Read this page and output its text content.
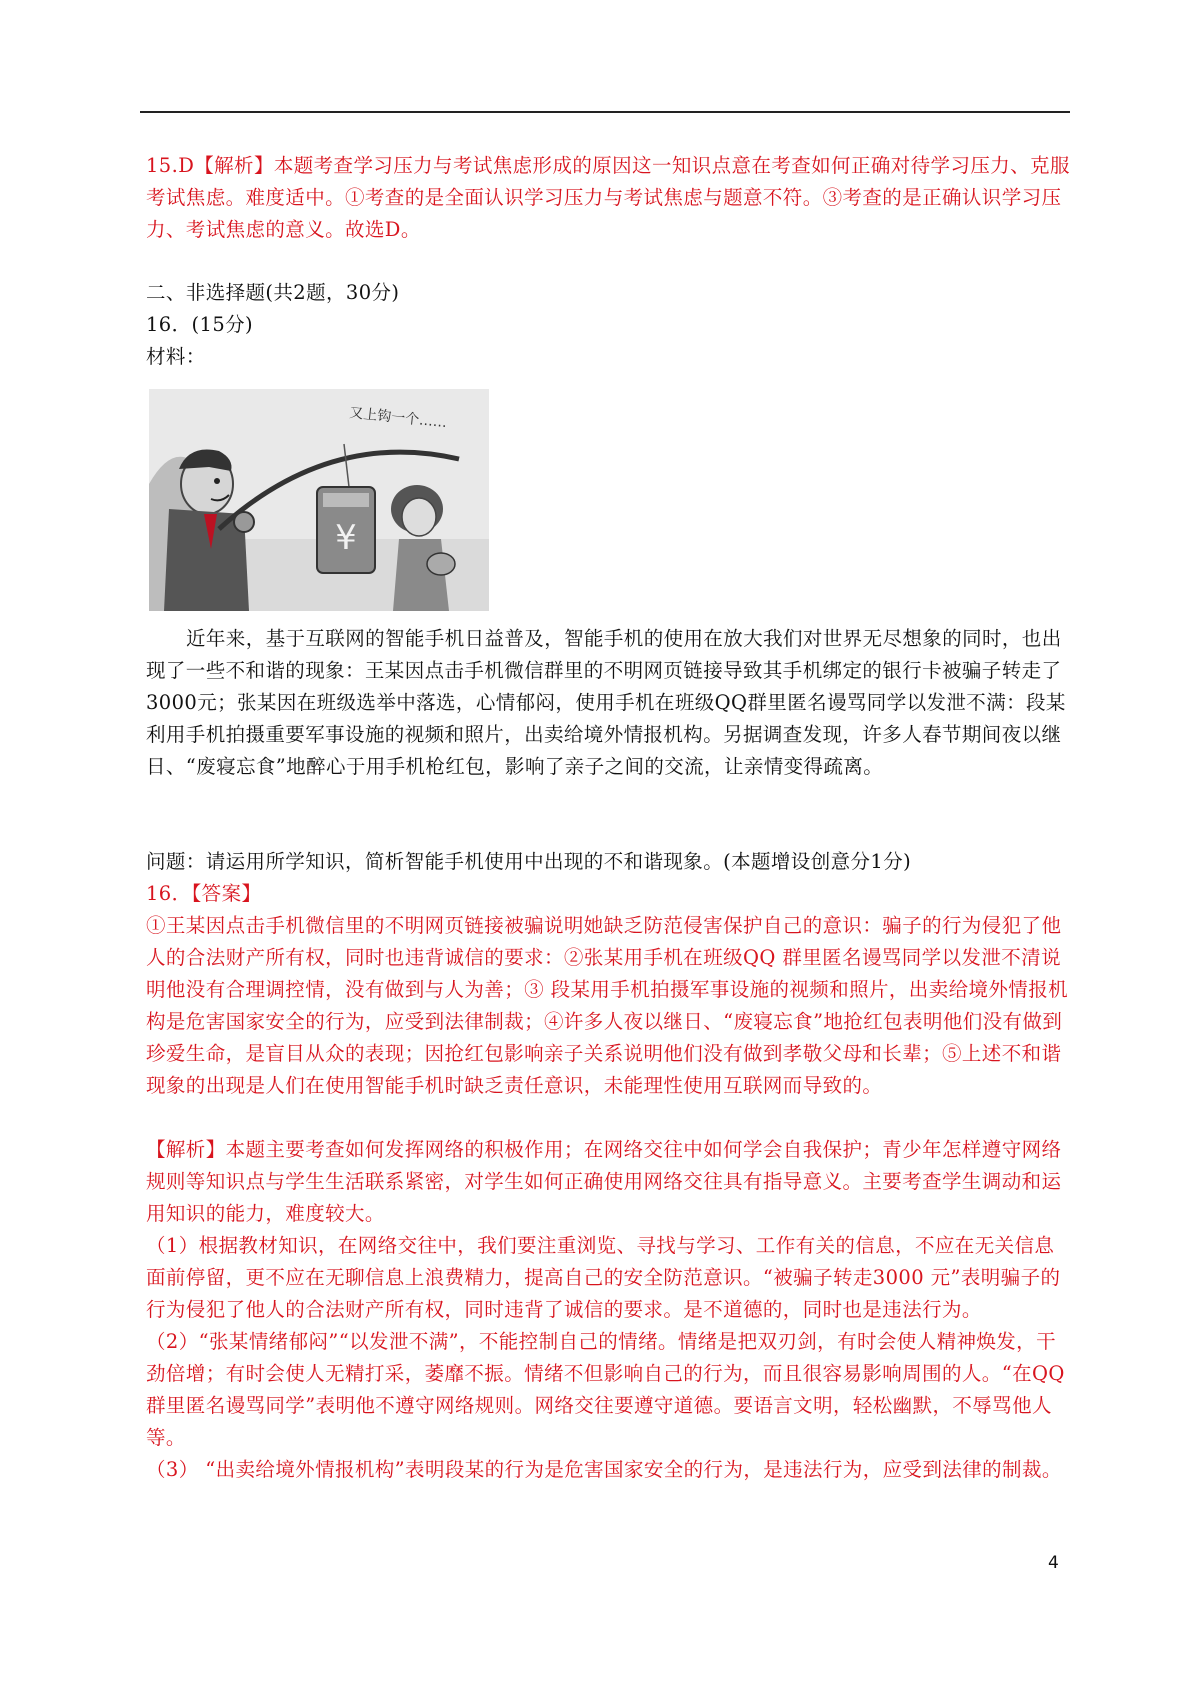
15.D【解析】本题考查学习压力与考试焦虑形成的原因这一知识点意在考查如何正确对待学习压力、克服考试焦虑。难度适中。①考查的是全面认识学习压力与考试焦虑与题意不符。③考查的是正确认识学习压力、考试焦虑的意义。故选D。
二、非选择题(共2题，30分)
16．(15分)
材料：
¥
又上钩一个……
近年来，基于互联网的智能手机日益普及，智能手机的使用在放大我们对世界无尽想象的同时，也出现了一些不和谐的现象：王某因点击手机微信群里的不明网页链接导致其手机绑定的银行卡被骗子转走了3000元；张某因在班级选举中落选，心情郁闷，使用手机在班级QQ群里匿名谩骂同学以发泄不满：段某利用手机拍摄重要军事设施的视频和照片，出卖给境外情报机构。另据调查发现，许多人春节期间夜以继日、“废寝忘食”地醉心于用手机枪红包，影响了亲子之间的交流，让亲情变得疏离。
问题：请运用所学知识，简析智能手机使用中出现的不和谐现象。(本题增设创意分1分)
16．【答案】

①王某因点击手机微信里的不明网页链接被骗说明她缺乏防范侵害保护自己的意识：骗子的行为侵犯了他人的合法财产所有权，同时也违背诚信的要求：②张某用手机在班级QQ 群里匿名谩骂同学以发泄不清说明他没有合理调控情，没有做到与人为善；③ 段某用手机拍摄军事设施的视频和照片，出卖给境外情报机构是危害国家安全的行为，应受到法律制裁；④许多人夜以继日、“废寝忘食”地抢红包表明他们没有做到珍爱生命，是盲目从众的表现；因抢红包影响亲子关系说明他们没有做到孝敬父母和长辈；⑤上述不和谐现象的出现是人们在使用智能手机时缺乏责任意识，未能理性使用互联网而导致的。

【解析】本题主要考查如何发挥网络的积极作用；在网络交往中如何学会自我保护；青少年怎样遵守网络规则等知识点与学生生活联系紧密，对学生如何正确使用网络交往具有指导意义。主要考查学生调动和运用知识的能力，难度较大。

（1）根据教材知识，在网络交往中，我们要注重浏览、寻找与学习、工作有关的信息，不应在无关信息面前停留，更不应在无聊信息上浪费精力，提高自己的安全防范意识。“被骗子转走3000 元”表明骗子的行为侵犯了他人的合法财产所有权，同时违背了诚信的要求。是不道德的，同时也是违法行为。

（2）“张某情绪郁闷”“以发泄不满”，不能控制自己的情绪。情绪是把双刃剑，有时会使人精神焕发，干劲倍增；有时会使人无精打采，萎靡不振。情绪不但影响自己的行为，而且很容易影响周围的人。“在QQ 群里匿名谩骂同学”表明他不遵守网络规则。网络交往要遵守道德。要语言文明，轻松幽默，不辱骂他人等。

（3） “出卖给境外情报机构”表明段某的行为是危害国家安全的行为，是违法行为，应受到法律的制裁。

4
